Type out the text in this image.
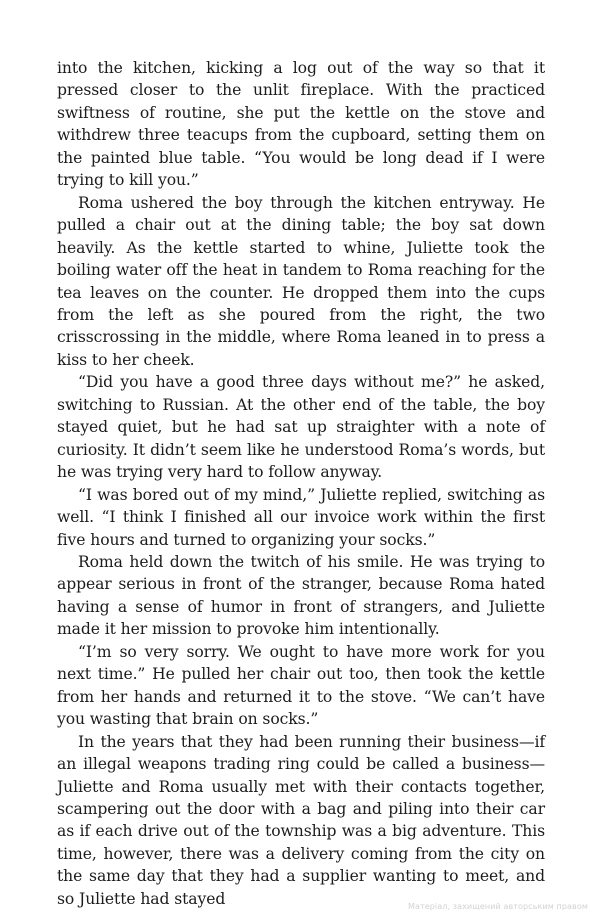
into the kitchen, kicking a log out of the way so that it pressed closer to the unlit fireplace. With the practiced swiftness of routine, she put the kettle on the stove and withdrew three teacups from the cupboard, setting them on the painted blue table. “You would be long dead if I were trying to kill you.”

Roma ushered the boy through the kitchen entryway. He pulled a chair out at the dining table; the boy sat down heavily. As the kettle started to whine, Juliette took the boiling water off the heat in tandem to Roma reaching for the tea leaves on the counter. He dropped them into the cups from the left as she poured from the right, the two crisscrossing in the middle, where Roma leaned in to press a kiss to her cheek.

“Did you have a good three days without me?” he asked, switching to Russian. At the other end of the table, the boy stayed quiet, but he had sat up straighter with a note of curiosity. It didn’t seem like he understood Roma’s words, but he was trying very hard to follow anyway.

“I was bored out of my mind,” Juliette replied, switching as well. “I think I finished all our invoice work within the first five hours and turned to organizing your socks.”

Roma held down the twitch of his smile. He was trying to appear serious in front of the stranger, because Roma hated having a sense of humor in front of strangers, and Juliette made it her mission to provoke him intentionally.

“I’m so very sorry. We ought to have more work for you next time.” He pulled her chair out too, then took the kettle from her hands and returned it to the stove. “We can’t have you wasting that brain on socks.”

In the years that they had been running their business—if an illegal weapons trading ring could be called a business—Juliette and Roma usually met with their contacts together, scampering out the door with a bag and piling into their car as if each drive out of the township was a big adventure. This time, however, there was a delivery coming from the city on the same day that they had a supplier wanting to meet, and so Juliette had stayed	Матеріал, захищений авторським правом
